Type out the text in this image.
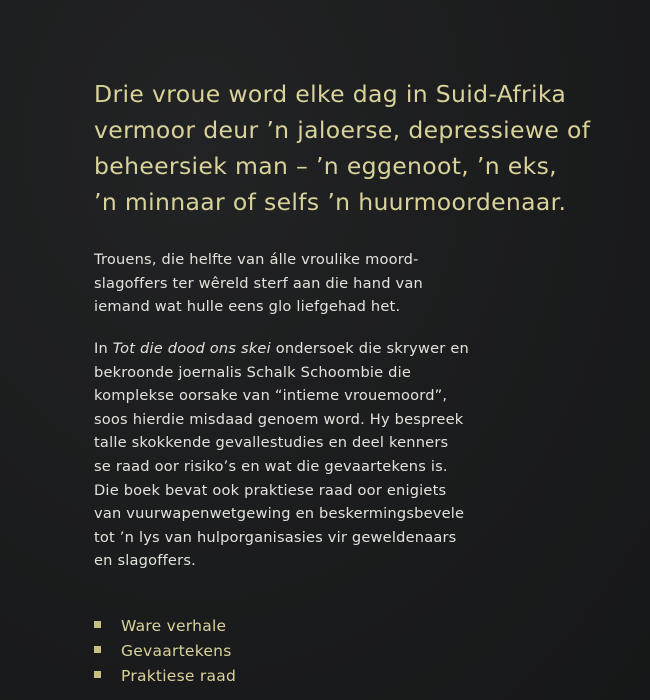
Drie vroue word elke dag in Suid-Afrika
vermoor deur ’n jaloerse, depressiewe of
beheersiek man – ’n eggenoot, ’n eks,
’n minnaar of selfs ’n huurmoordenaar.
Trouens, die helfte van álle vroulike moord-
slagoffers ter wêreld sterf aan die hand van
iemand wat hulle eens glo liefgehad het.
In Tot die dood ons skei ondersoek die skrywer en
bekroonde joernalis Schalk Schoombie die
komplekse oorsake van “intieme vrouemoord”,
soos hierdie misdaad genoem word. Hy bespreek
talle skokkende gevallestudies en deel kenners
se raad oor risiko’s en wat die gevaartekens is.
Die boek bevat ook praktiese raad oor enigiets
van vuurwapenwetgewing en beskermingsbevele
tot ’n lys van hulporganisasies vir geweldenaars
en slagoffers.
Ware verhale
Gevaartekens
Praktiese raad
